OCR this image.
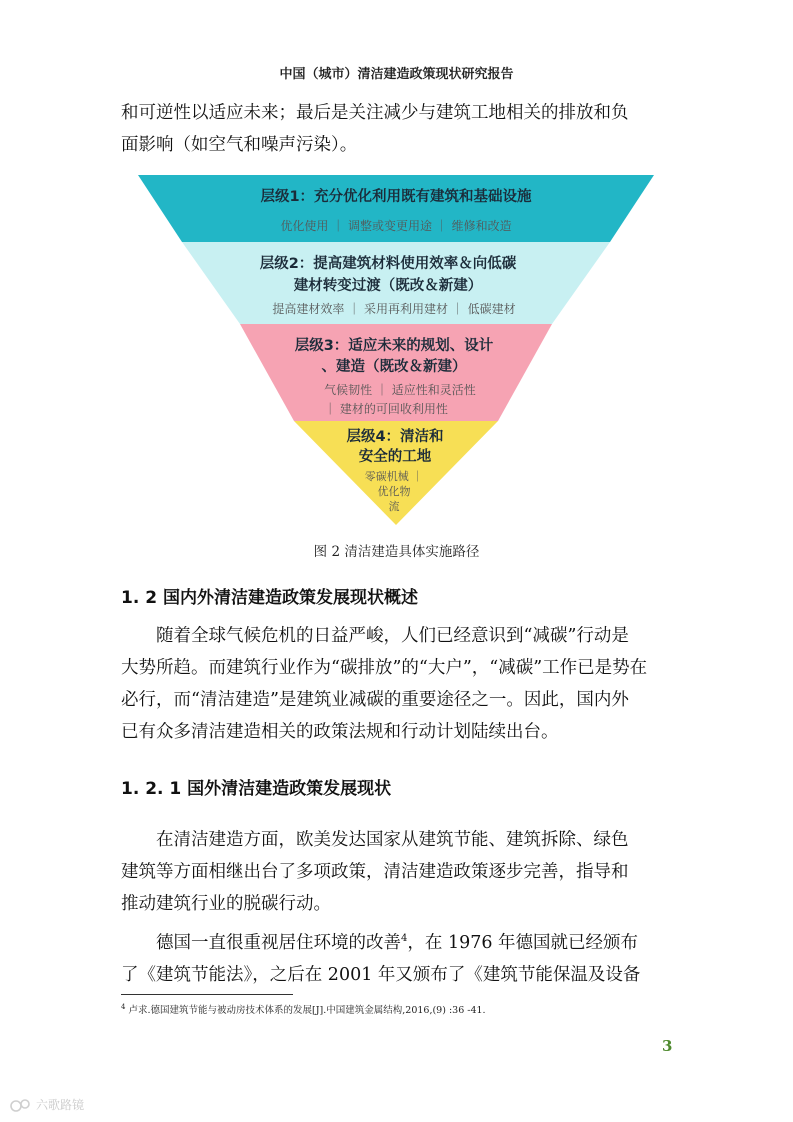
中国（城市）清洁建造政策现状研究报告

和可逆性以适应未来；最后是关注减少与建筑工地相关的排放和负
面影响（如空气和噪声污染）。

层级1：充分优化利用既有建筑和基础设施
优化使用 ｜ 调整或变更用途 ｜ 维修和改造
层级2：提高建筑材料使用效率＆向低碳
建材转变过渡（既改＆新建）
提高建材效率 ｜ 采用再利用建材 ｜ 低碳建材
层级3：适应未来的规划、设计
、建造（既改＆新建）
气候韧性 ｜ 适应性和灵活性
｜ 建材的可回收利用性
层级4：清洁和
安全的工地
零碳机械 ｜
优化物
流
图 2 清洁建造具体实施路径
1. 2 国内外清洁建造政策发展现状概述

随着全球气候危机的日益严峻，人们已经意识到“减碳”行动是
大势所趋。而建筑行业作为“碳排放”的“大户”，“减碳”工作已是势在
必行，而“清洁建造”是建筑业减碳的重要途径之一。因此，国内外
已有众多清洁建造相关的政策法规和行动计划陆续出台。

1. 2. 1 国外清洁建造政策发展现状

在清洁建造方面，欧美发达国家从建筑节能、建筑拆除、绿色
建筑等方面相继出台了多项政策，清洁建造政策逐步完善，指导和
推动建筑行业的脱碳行动。

德国一直很重视居住环境的改善$^4$，在 1976 年德国就已经颁布
了《建筑节能法》，之后在 2001 年又颁布了《建筑节能保温及设备

$^4$ 卢求.德国建筑节能与被动房技术体系的发展[J].中国建筑金属结构,2016,(9) :36 -41.
3
六歌路镜
